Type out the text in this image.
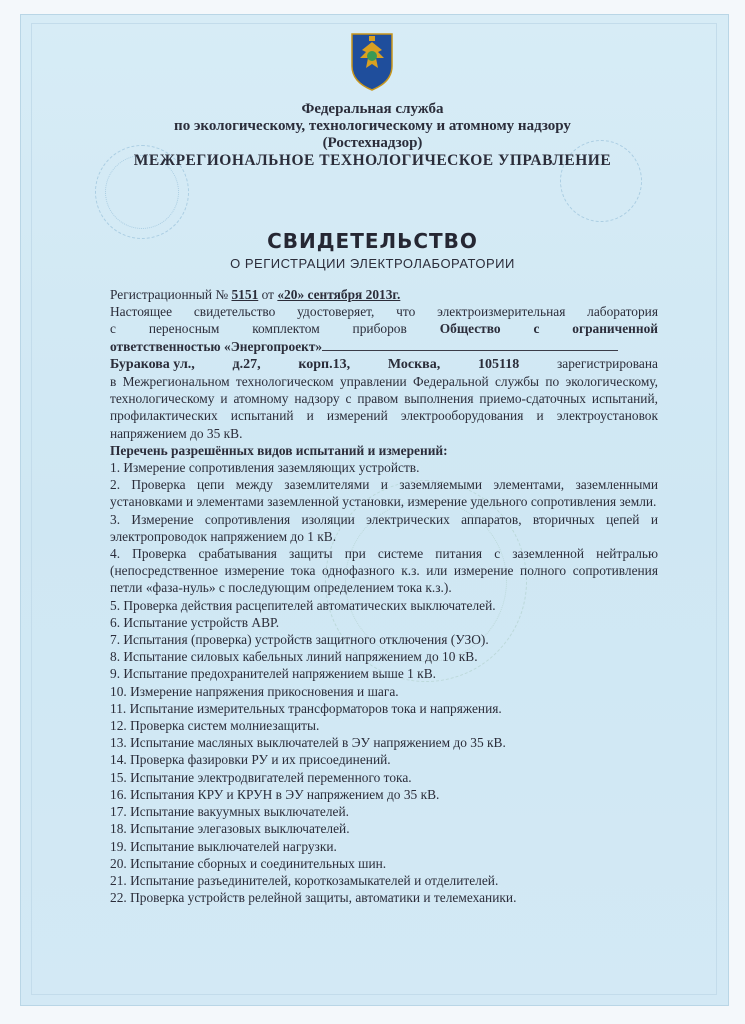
Федеральная служба
по экологическому, технологическому и атомному надзору
(Ростехнадзор)
МЕЖРЕГИОНАЛЬНОЕ ТЕХНОЛОГИЧЕСКОЕ УПРАВЛЕНИЕ
СВИДЕТЕЛЬСТВО
О РЕГИСТРАЦИИ ЭЛЕКТРОЛАБОРАТОРИИ

Регистрационный № 5151 от «20» сентября 2013г.

Настоящее свидетельство удостоверяет, что электроизмерительная лаборатория

с переносным комплектом приборов Общество с ограниченной

ответственностью «Энергопроект»

Буракова ул.,	д.27,	корп.13,	Москва,	105118	зарегистрирована

в Межрегиональном технологическом управлении Федеральной службы по экологическому, технологическому и атомному надзору с правом выполнения приемо-сдаточных испытаний, профилактических испытаний и измерений электрооборудования и электроустановок напряжением до 35 кВ.

Перечень разрешённых видов испытаний и измерений:

1. Измерение сопротивления заземляющих устройств.
2. Проверка цепи между заземлителями и заземляемыми элементами, заземленными установками и элементами заземленной установки, измерение удельного сопротивления земли.
3. Измерение сопротивления изоляции электрических аппаратов, вторичных цепей и электропроводок напряжением до 1 кВ.
4. Проверка срабатывания защиты при системе питания с заземленной нейтралью (непосредственное измерение тока однофазного к.з. или измерение полного сопротивления петли «фаза-нуль» с последующим определением тока к.з.).
5. Проверка действия расцепителей автоматических выключателей.
6. Испытание устройств АВР.
7. Испытания (проверка) устройств защитного отключения (УЗО).
8. Испытание силовых кабельных линий напряжением до 10 кВ.
9. Испытание предохранителей напряжением выше 1 кВ.
10. Измерение напряжения прикосновения и шага.
11. Испытание измерительных трансформаторов тока и напряжения.
12. Проверка систем молниезащиты.
13. Испытание масляных выключателей в ЭУ напряжением до 35 кВ.
14. Проверка фазировки РУ и их присоединений.
15. Испытание электродвигателей переменного тока.
16. Испытания КРУ и КРУН в ЭУ напряжением до 35 кВ.
17. Испытание вакуумных выключателей.
18. Испытание элегазовых выключателей.
19. Испытание выключателей нагрузки.
20. Испытание сборных и соединительных шин.
21. Испытание разъединителей, короткозамыкателей и отделителей.
22. Проверка устройств релейной защиты, автоматики и телемеханики.
